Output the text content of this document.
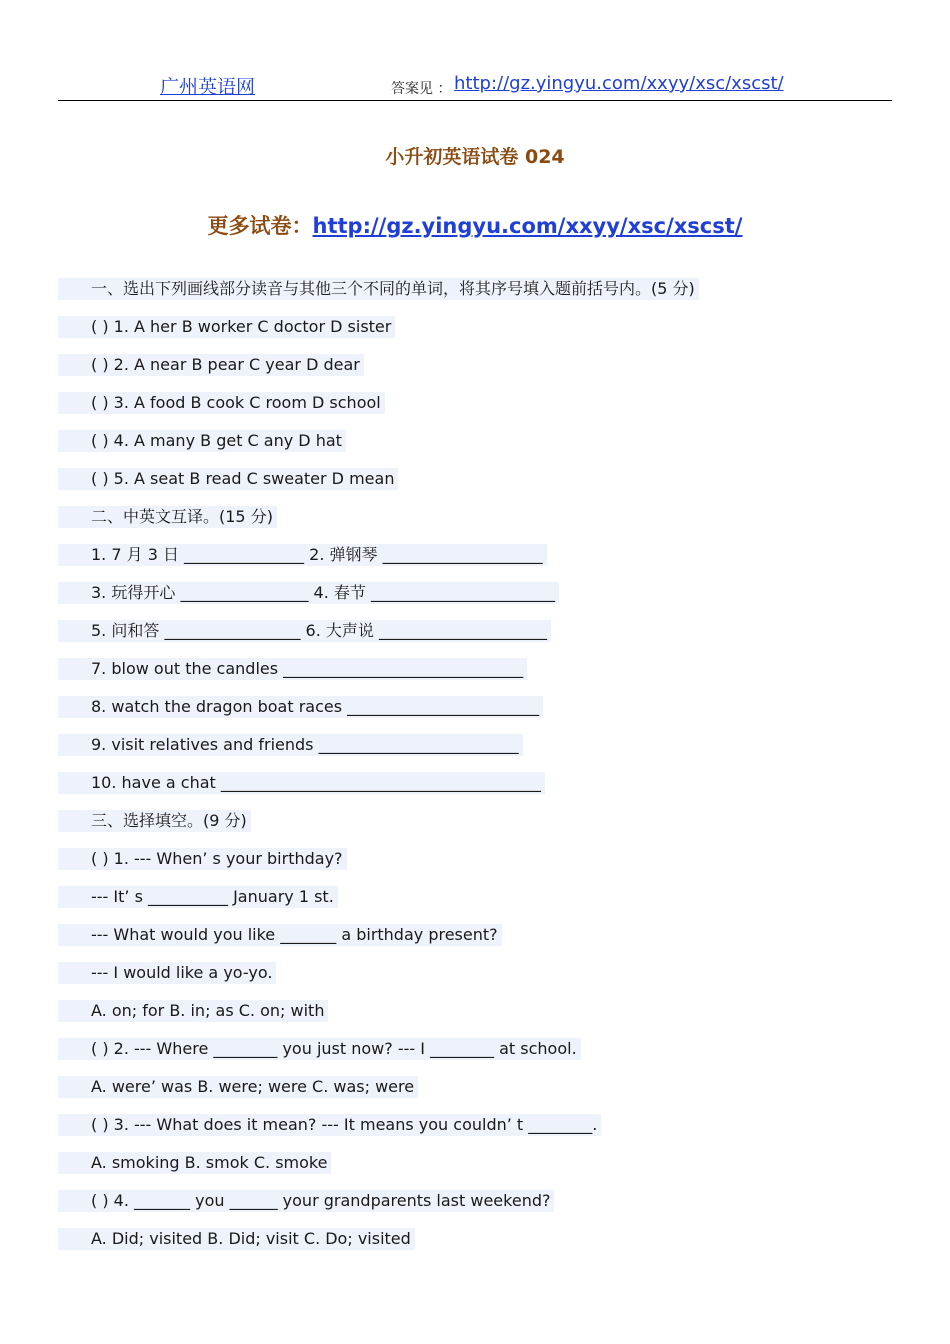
广州英语网	答案见 ： http://gz.yingyu.com/xxyy/xsc/xscst/
小升初英语试卷 024
更多试卷：http://gz.yingyu.com/xxyy/xsc/xscst/
一、选出下列画线部分读音与其他三个不同的单词，将其序号填入题前括号内。(5 分)
( ) 1. A her B worker C doctor D sister
( ) 2. A near B pear C year D dear
( ) 3. A food B cook C room D school
( ) 4. A many B get C any D hat
( ) 5. A seat B read C sweater D mean
二、中英文互译。(15 分)
1. 7 月 3 日 _______________ 2. 弹钢琴 ____________________
3. 玩得开心 ________________ 4. 春节 _______________________
5. 问和答 _________________ 6. 大声说 _____________________
7. blow out the candles ______________________________
8. watch the dragon boat races ________________________
9. visit relatives and friends _________________________
10. have a chat ________________________________________
三、选择填空。(9 分)
( ) 1. --- When’ s your birthday?
--- It’ s __________ January 1 st.
--- What would you like _______ a birthday present?
--- I would like a yo-yo.
A. on; for B. in; as C. on; with
( ) 2. --- Where ________ you just now? --- I ________ at school.
A. were’ was B. were; were C. was; were
( ) 3. --- What does it mean? --- It means you couldn’ t ________.
A. smoking B. smok C. smoke
( ) 4. _______ you ______ your grandparents last weekend?
A. Did; visited B. Did; visit C. Do; visited
